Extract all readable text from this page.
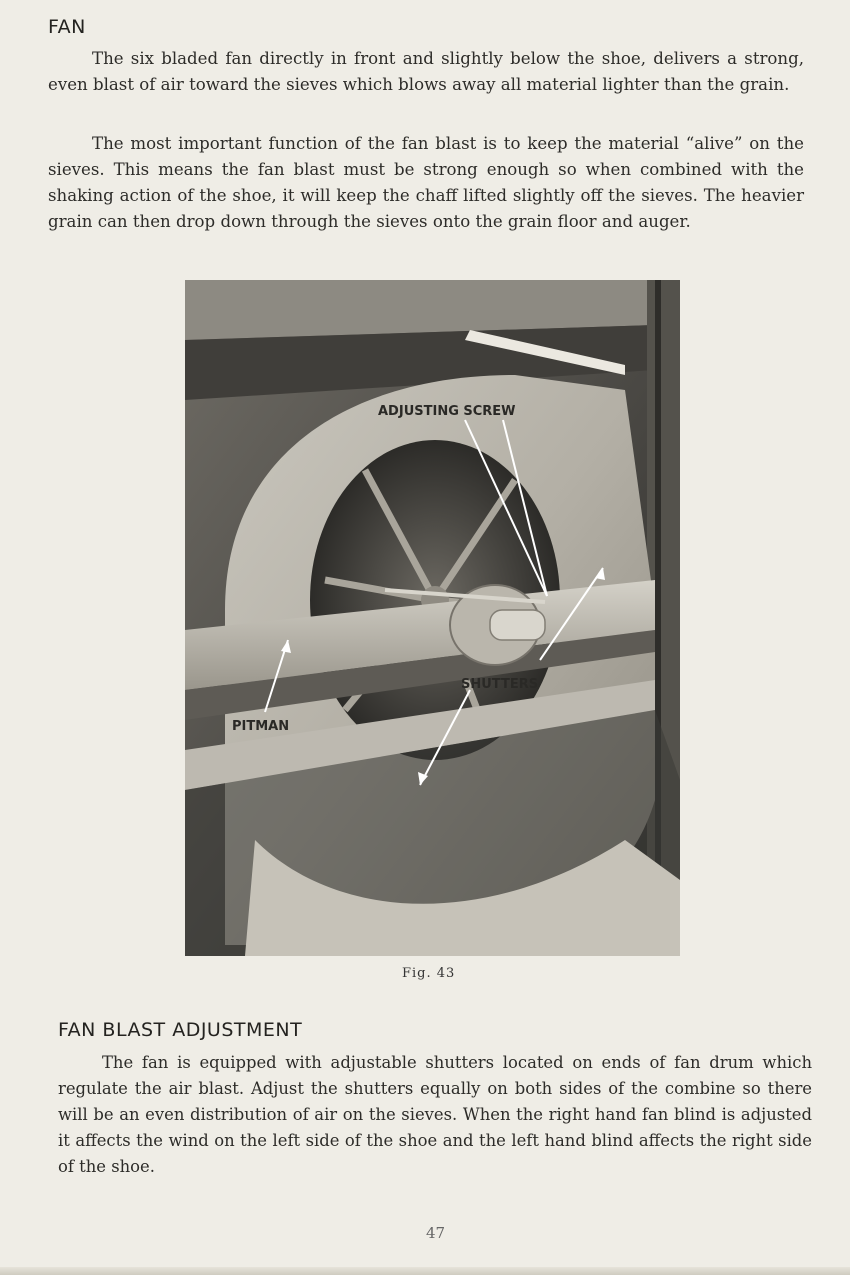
FAN

The six bladed fan directly in front and slightly below the shoe, delivers a strong, even blast of air toward the sieves which blows away all material lighter than the grain.

The most important function of the fan blast is to keep the material “alive” on the sieves. This means the fan blast must be strong enough so when combined with the shaking action of the shoe, it will keep the chaff lifted slightly off the sieves. The heavier grain can then drop down through the sieves onto the grain floor and auger.

ADJUSTING SCREW
PITMAN
SHUTTERS
Fig. 43
FAN BLAST ADJUSTMENT

The fan is equipped with adjustable shutters located on ends of fan drum which regulate the air blast. Adjust the shutters equally on both sides of the combine so there will be an even distribution of air on the sieves. When the right hand fan blind is adjusted it affects the wind on the left side of the shoe and the left hand blind affects the right side of the shoe.

47
